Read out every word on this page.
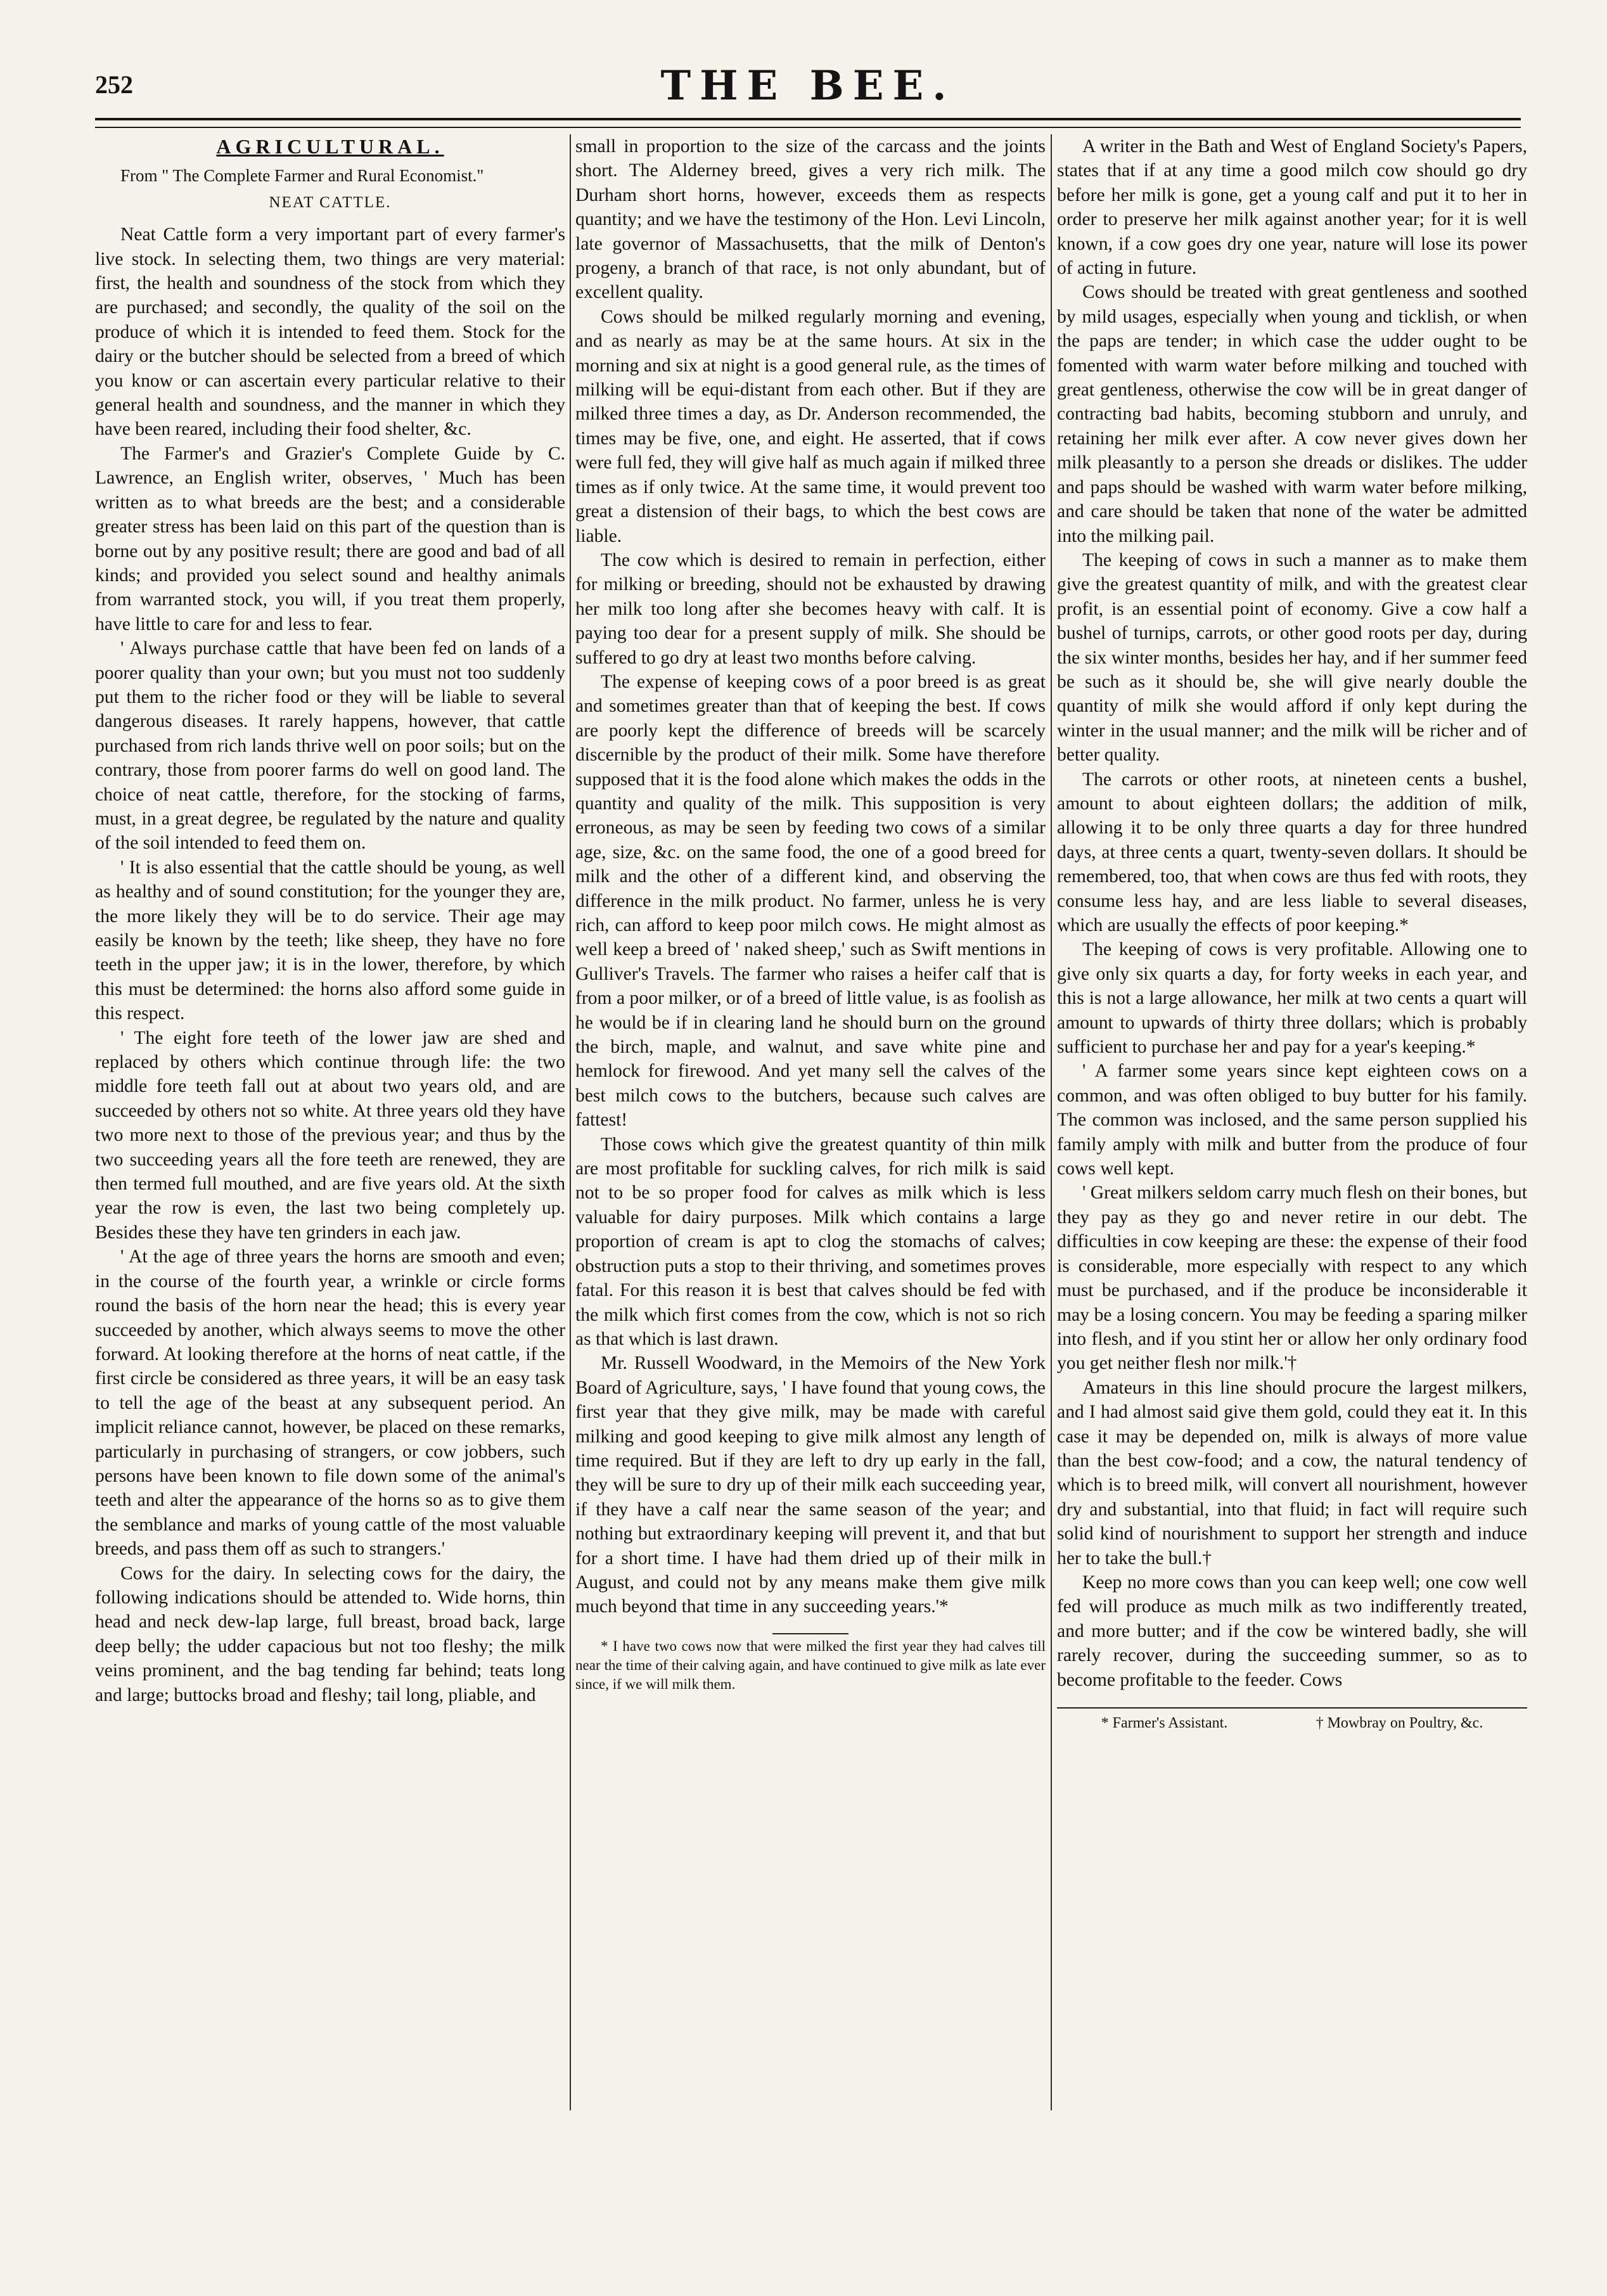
252	THE BEE.
AGRICULTURAL.

From " The Complete Farmer and Rural Economist."

NEAT CATTLE.

Neat Cattle form a very important part of every farmer's live stock. In selecting them, two things are very material: first, the health and soundness of the stock from which they are purchased; and secondly, the quality of the soil on the produce of which it is intended to feed them. Stock for the dairy or the butcher should be selected from a breed of which you know or can ascertain every particular relative to their general health and soundness, and the manner in which they have been reared, including their food shelter, &c.

The Farmer's and Grazier's Complete Guide by C. Lawrence, an English writer, observes, ' Much has been written as to what breeds are the best; and a considerable greater stress has been laid on this part of the question than is borne out by any positive result; there are good and bad of all kinds; and provided you select sound and healthy animals from warranted stock, you will, if you treat them properly, have little to care for and less to fear.

' Always purchase cattle that have been fed on lands of a poorer quality than your own; but you must not too suddenly put them to the richer food or they will be liable to several dangerous diseases. It rarely happens, however, that cattle purchased from rich lands thrive well on poor soils; but on the contrary, those from poorer farms do well on good land. The choice of neat cattle, therefore, for the stocking of farms, must, in a great degree, be regulated by the nature and quality of the soil intended to feed them on.

' It is also essential that the cattle should be young, as well as healthy and of sound constitution; for the younger they are, the more likely they will be to do service. Their age may easily be known by the teeth; like sheep, they have no fore teeth in the upper jaw; it is in the lower, therefore, by which this must be determined: the horns also afford some guide in this respect.

' The eight fore teeth of the lower jaw are shed and replaced by others which continue through life: the two middle fore teeth fall out at about two years old, and are succeeded by others not so white. At three years old they have two more next to those of the previous year; and thus by the two succeeding years all the fore teeth are renewed, they are then termed full mouthed, and are five years old. At the sixth year the row is even, the last two being completely up. Besides these they have ten grinders in each jaw.

' At the age of three years the horns are smooth and even; in the course of the fourth year, a wrinkle or circle forms round the basis of the horn near the head; this is every year succeeded by another, which always seems to move the other forward. At looking therefore at the horns of neat cattle, if the first circle be considered as three years, it will be an easy task to tell the age of the beast at any subsequent period. An implicit reliance cannot, however, be placed on these remarks, particularly in purchasing of strangers, or cow jobbers, such persons have been known to file down some of the animal's teeth and alter the appearance of the horns so as to give them the semblance and marks of young cattle of the most valuable breeds, and pass them off as such to strangers.'

Cows for the dairy. In selecting cows for the dairy, the following indications should be attended to. Wide horns, thin head and neck dew-lap large, full breast, broad back, large deep belly; the udder capacious but not too fleshy; the milk veins prominent, and the bag tending far behind; teats long and large; buttocks broad and fleshy; tail long, pliable, and

small in proportion to the size of the carcass and the joints short. The Alderney breed, gives a very rich milk. The Durham short horns, however, exceeds them as respects quantity; and we have the testimony of the Hon. Levi Lincoln, late governor of Massachusetts, that the milk of Denton's progeny, a branch of that race, is not only abundant, but of excellent quality.

Cows should be milked regularly morning and evening, and as nearly as may be at the same hours. At six in the morning and six at night is a good general rule, as the times of milking will be equi-distant from each other. But if they are milked three times a day, as Dr. Anderson recommended, the times may be five, one, and eight. He asserted, that if cows were full fed, they will give half as much again if milked three times as if only twice. At the same time, it would prevent too great a distension of their bags, to which the best cows are liable.

The cow which is desired to remain in perfection, either for milking or breeding, should not be exhausted by drawing her milk too long after she becomes heavy with calf. It is paying too dear for a present supply of milk. She should be suffered to go dry at least two months before calving.

The expense of keeping cows of a poor breed is as great and sometimes greater than that of keeping the best. If cows are poorly kept the difference of breeds will be scarcely discernible by the product of their milk. Some have therefore supposed that it is the food alone which makes the odds in the quantity and quality of the milk. This supposition is very erroneous, as may be seen by feeding two cows of a similar age, size, &c. on the same food, the one of a good breed for milk and the other of a different kind, and observing the difference in the milk product. No farmer, unless he is very rich, can afford to keep poor milch cows. He might almost as well keep a breed of ' naked sheep,' such as Swift mentions in Gulliver's Travels. The farmer who raises a heifer calf that is from a poor milker, or of a breed of little value, is as foolish as he would be if in clearing land he should burn on the ground the birch, maple, and walnut, and save white pine and hemlock for firewood. And yet many sell the calves of the best milch cows to the butchers, because such calves are fattest!

Those cows which give the greatest quantity of thin milk are most profitable for suckling calves, for rich milk is said not to be so proper food for calves as milk which is less valuable for dairy purposes. Milk which contains a large proportion of cream is apt to clog the stomachs of calves; obstruction puts a stop to their thriving, and sometimes proves fatal. For this reason it is best that calves should be fed with the milk which first comes from the cow, which is not so rich as that which is last drawn.

Mr. Russell Woodward, in the Memoirs of the New York Board of Agriculture, says, ' I have found that young cows, the first year that they give milk, may be made with careful milking and good keeping to give milk almost any length of time required. But if they are left to dry up early in the fall, they will be sure to dry up of their milk each succeeding year, if they have a calf near the same season of the year; and nothing but extraordinary keeping will prevent it, and that but for a short time. I have had them dried up of their milk in August, and could not by any means make them give milk much beyond that time in any succeeding years.'*

* I have two cows now that were milked the first year they had calves till near the time of their calving again, and have continued to give milk as late ever since, if we will milk them.

A writer in the Bath and West of England Society's Papers, states that if at any time a good milch cow should go dry before her milk is gone, get a young calf and put it to her in order to preserve her milk against another year; for it is well known, if a cow goes dry one year, nature will lose its power of acting in future.

Cows should be treated with great gentleness and soothed by mild usages, especially when young and ticklish, or when the paps are tender; in which case the udder ought to be fomented with warm water before milking and touched with great gentleness, otherwise the cow will be in great danger of contracting bad habits, becoming stubborn and unruly, and retaining her milk ever after. A cow never gives down her milk pleasantly to a person she dreads or dislikes. The udder and paps should be washed with warm water before milking, and care should be taken that none of the water be admitted into the milking pail.

The keeping of cows in such a manner as to make them give the greatest quantity of milk, and with the greatest clear profit, is an essential point of economy. Give a cow half a bushel of turnips, carrots, or other good roots per day, during the six winter months, besides her hay, and if her summer feed be such as it should be, she will give nearly double the quantity of milk she would afford if only kept during the winter in the usual manner; and the milk will be richer and of better quality.

The carrots or other roots, at nineteen cents a bushel, amount to about eighteen dollars; the addition of milk, allowing it to be only three quarts a day for three hundred days, at three cents a quart, twenty-seven dollars. It should be remembered, too, that when cows are thus fed with roots, they consume less hay, and are less liable to several diseases, which are usually the effects of poor keeping.*

The keeping of cows is very profitable. Allowing one to give only six quarts a day, for forty weeks in each year, and this is not a large allowance, her milk at two cents a quart will amount to upwards of thirty three dollars; which is probably sufficient to purchase her and pay for a year's keeping.*

' A farmer some years since kept eighteen cows on a common, and was often obliged to buy butter for his family. The common was inclosed, and the same person supplied his family amply with milk and butter from the produce of four cows well kept.

' Great milkers seldom carry much flesh on their bones, but they pay as they go and never retire in our debt. The difficulties in cow keeping are these: the expense of their food is considerable, more especially with respect to any which must be purchased, and if the produce be inconsiderable it may be a losing concern. You may be feeding a sparing milker into flesh, and if you stint her or allow her only ordinary food you get neither flesh nor milk.'†

Amateurs in this line should procure the largest milkers, and I had almost said give them gold, could they eat it. In this case it may be depended on, milk is always of more value than the best cow-food; and a cow, the natural tendency of which is to breed milk, will convert all nourishment, however dry and substantial, into that fluid; in fact will require such solid kind of nourishment to support her strength and induce her to take the bull.†

Keep no more cows than you can keep well; one cow well fed will produce as much milk as two indifferently treated, and more butter; and if the cow be wintered badly, she will rarely recover, during the succeeding summer, so as to become profitable to the feeder. Cows

* Farmer's Assistant.	† Mowbray on Poultry, &c.
